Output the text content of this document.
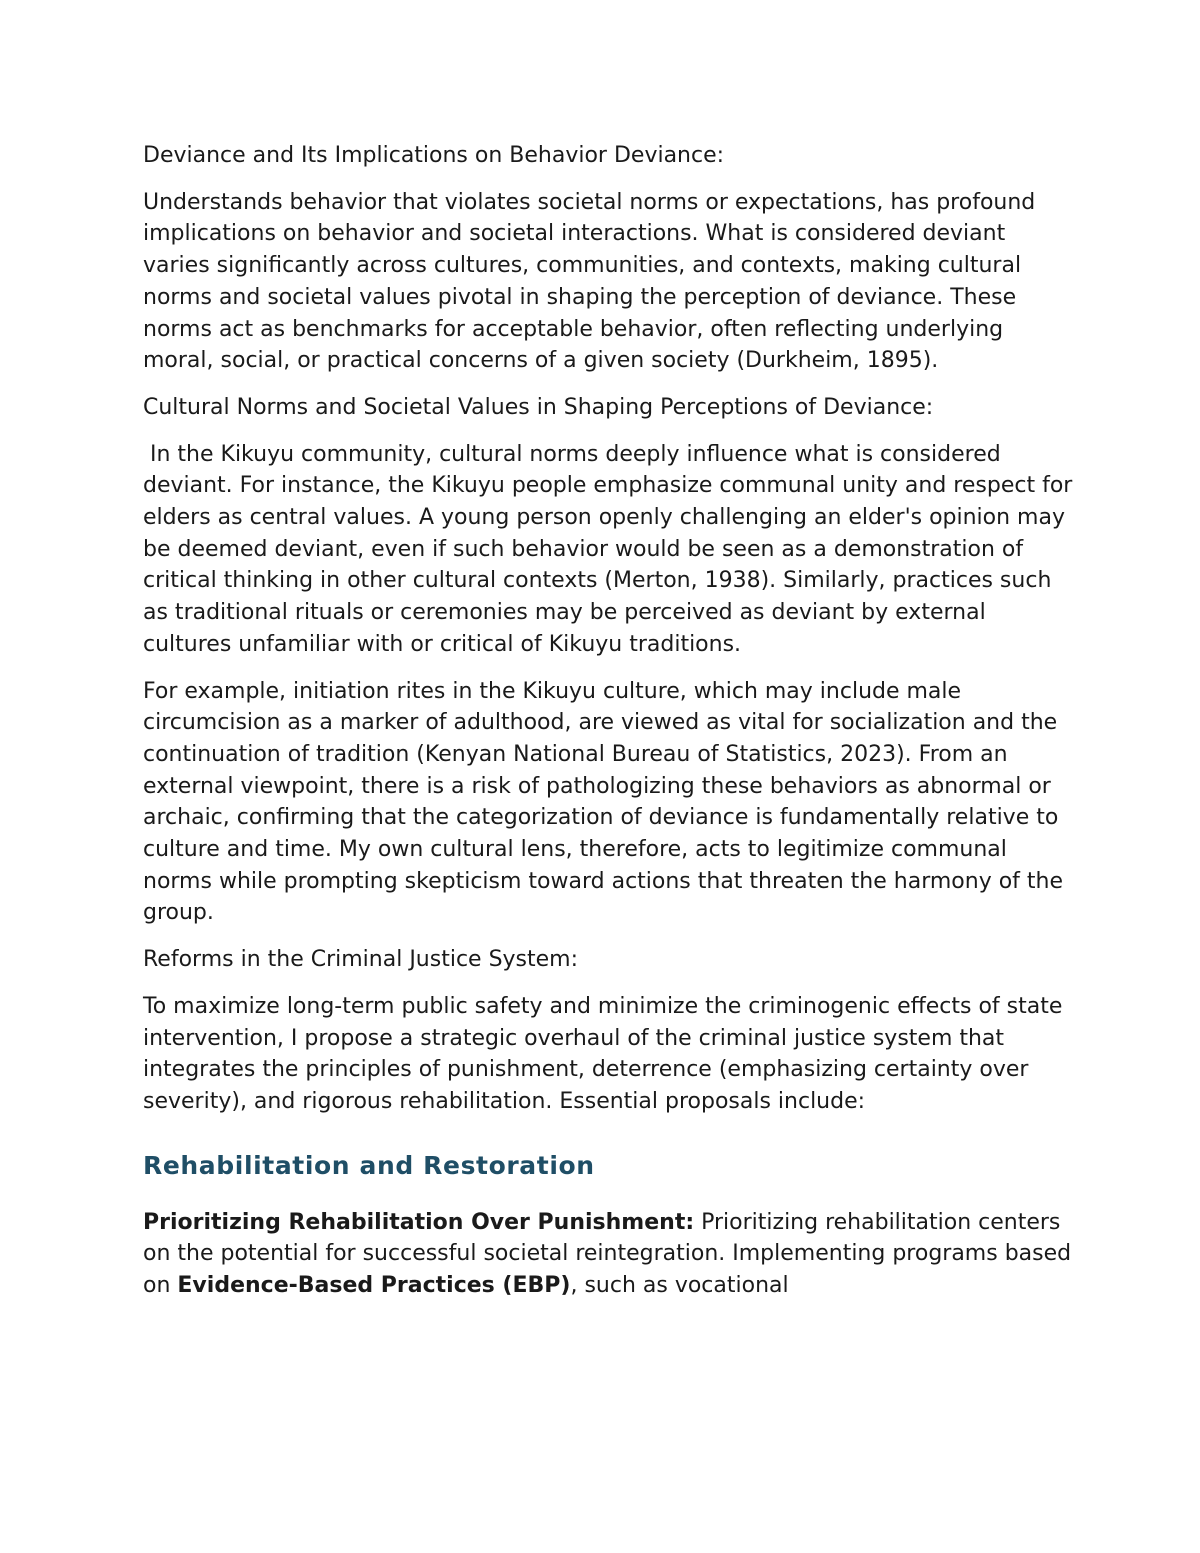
Deviance and Its Implications on Behavior Deviance:

Understands behavior that violates societal norms or expectations, has profound implications on behavior and societal interactions. What is considered deviant varies significantly across cultures, communities, and contexts, making cultural norms and societal values pivotal in shaping the perception of deviance. These norms act as benchmarks for acceptable behavior, often reflecting underlying moral, social, or practical concerns of a given society (Durkheim, 1895).

Cultural Norms and Societal Values in Shaping Perceptions of Deviance:

In the Kikuyu community, cultural norms deeply influence what is considered deviant. For instance, the Kikuyu people emphasize communal unity and respect for elders as central values. A young person openly challenging an elder's opinion may be deemed deviant, even if such behavior would be seen as a demonstration of critical thinking in other cultural contexts (Merton, 1938). Similarly, practices such as traditional rituals or ceremonies may be perceived as deviant by external cultures unfamiliar with or critical of Kikuyu traditions.

For example, initiation rites in the Kikuyu culture, which may include male circumcision as a marker of adulthood, are viewed as vital for socialization and the continuation of tradition (Kenyan National Bureau of Statistics, 2023). From an external viewpoint, there is a risk of pathologizing these behaviors as abnormal or archaic, confirming that the categorization of deviance is fundamentally relative to culture and time. My own cultural lens, therefore, acts to legitimize communal norms while prompting skepticism toward actions that threaten the harmony of the group.

Reforms in the Criminal Justice System:

To maximize long-term public safety and minimize the criminogenic effects of state intervention, I propose a strategic overhaul of the criminal justice system that integrates the principles of punishment, deterrence (emphasizing certainty over severity), and rigorous rehabilitation. Essential proposals include:

Rehabilitation and Restoration

Prioritizing Rehabilitation Over Punishment: Prioritizing rehabilitation centers on the potential for successful societal reintegration. Implementing programs based on Evidence-Based Practices (EBP), such as vocational
